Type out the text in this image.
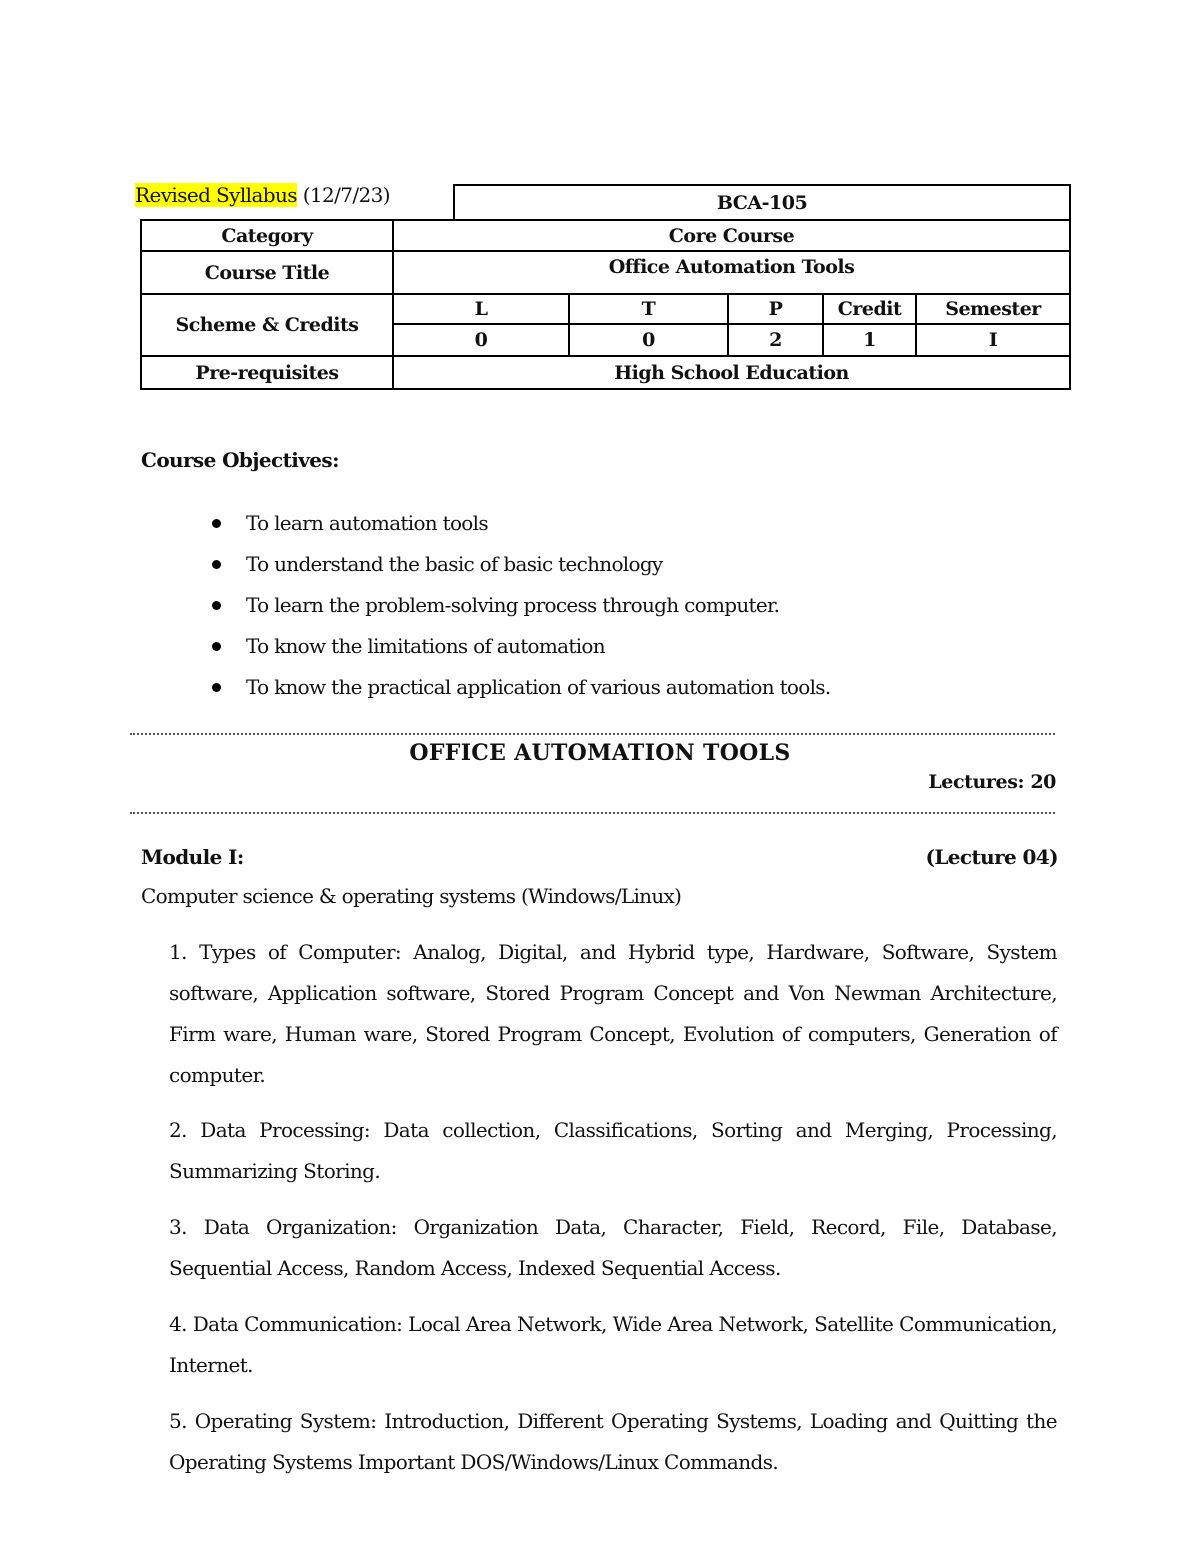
Revised Syllabus (12/7/23)
		BCA-105				
Category	Core Course					
Course Title	Office Automation Tools					
Scheme & Credits	L		T	P	Credit	Semester
	0		0	2	1	I
Pre-requisites	High School Education					
Course Objectives:
To learn automation tools
To understand the basic of basic technology
To learn the problem-solving process through computer.
To know the limitations of automation
To know the practical application of various automation tools.
OFFICE AUTOMATION TOOLS
Lectures: 20
Module I:	(Lecture 04)
Computer science & operating systems (Windows/Linux)

1. Types of Computer: Analog, Digital, and Hybrid type, Hardware, Software, System software, Application software, Stored Program Concept and Von Newman Architecture, Firm ware, Human ware, Stored Program Concept, Evolution of computers, Generation of computer.

2. Data Processing: Data collection, Classifications, Sorting and Merging, Processing, Summarizing Storing.

3. Data Organization: Organization Data, Character, Field, Record, File, Database, Sequential Access, Random Access, Indexed Sequential Access.

4. Data Communication: Local Area Network, Wide Area Network, Satellite Communication, Internet.

5. Operating System: Introduction, Different Operating Systems, Loading and Quitting the Operating Systems Important DOS/Windows/Linux Commands.
